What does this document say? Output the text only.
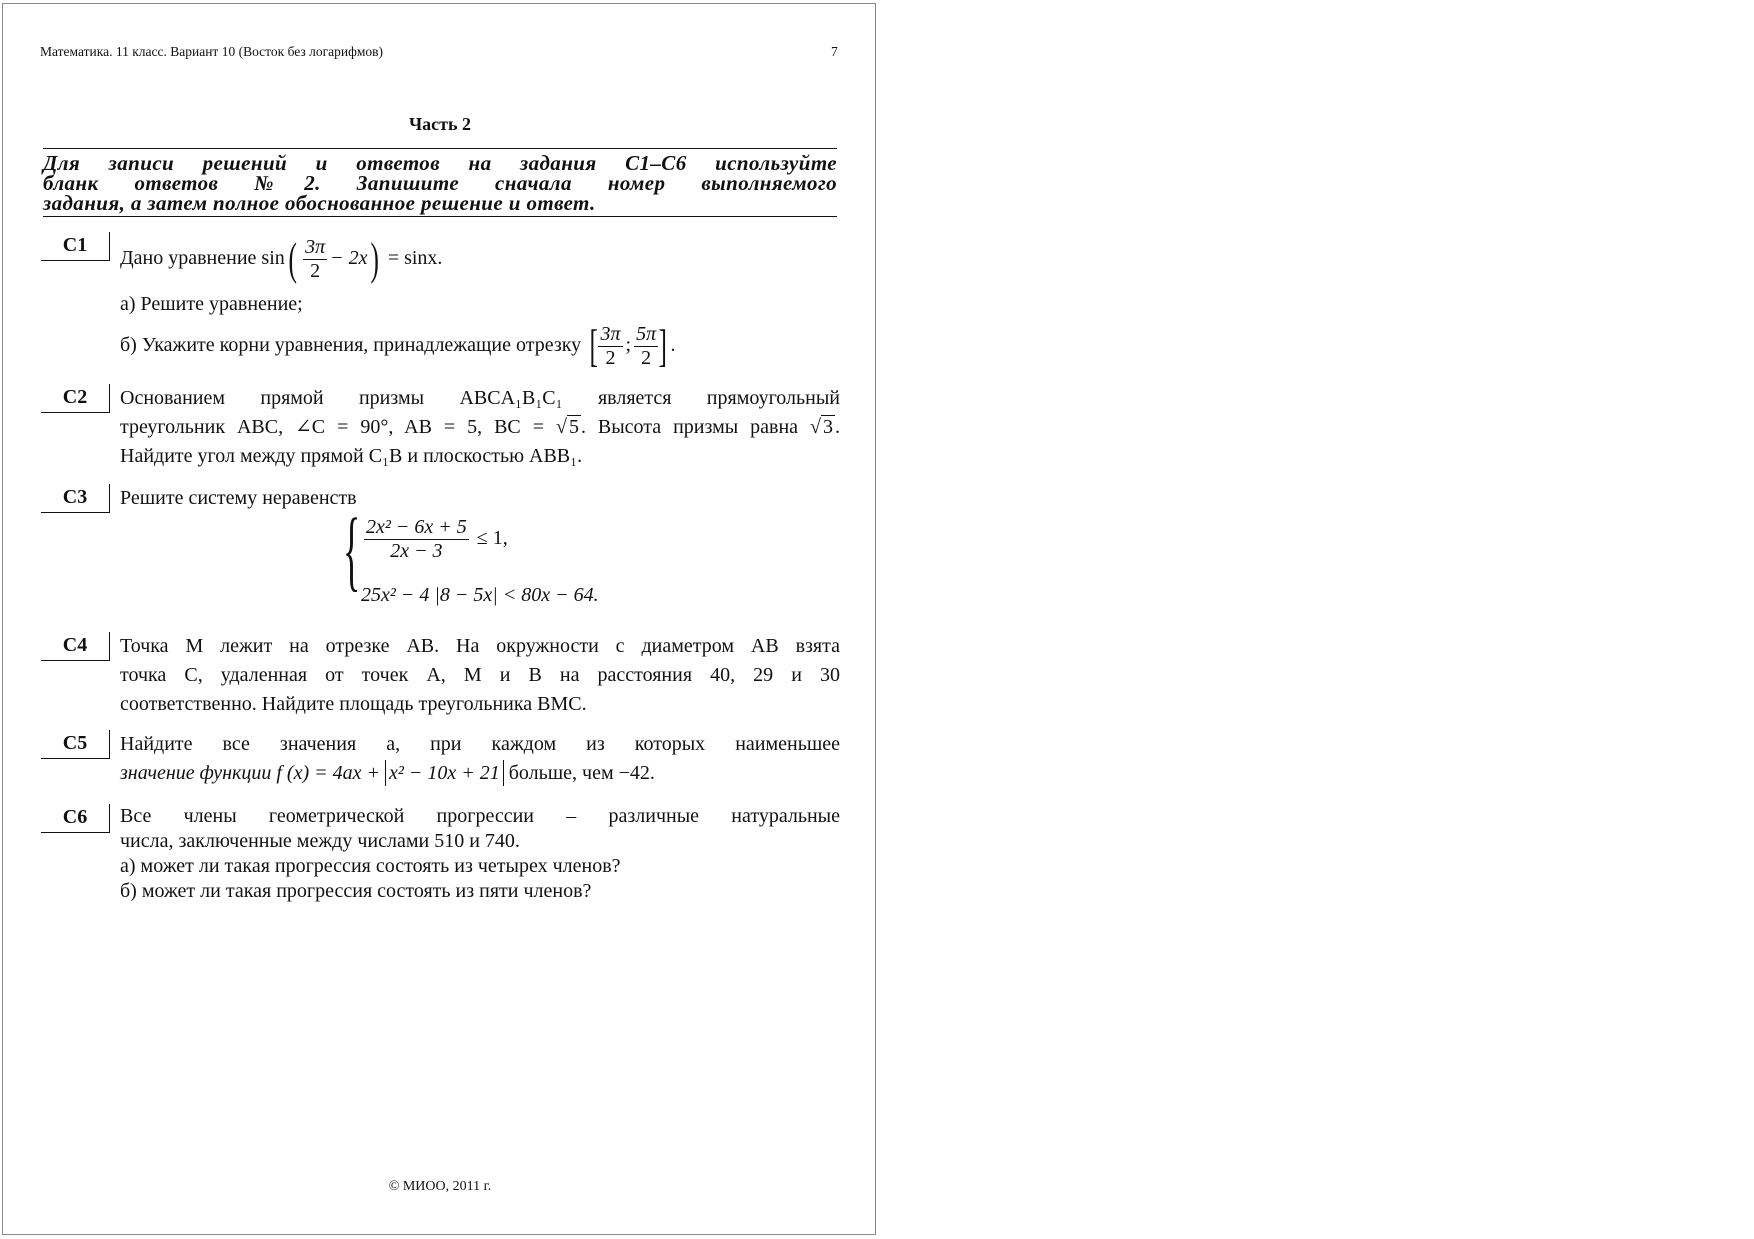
Математика. 11 класс. Вариант 10 (Восток без логарифмов)	7
Часть 2
Для записи решений и ответов на задания С1–С6 используйте
бланк ответов №2. Запишите сначала номер выполняемого
задания, а затем полное обоснованное решение и ответ.
С1
Дано уравнение $\sin( \frac{3\pi}{2} - 2x) = \sin x$.
а) Решите уравнение;
б) Укажите корни уравнения, принадлежащие отрезку [ $\frac{3\pi}{2}$ ; $\frac{5\pi}{2}$ ] .
С2	Основанием прямой призмы ABCA₁B₁C₁ является прямоугольный
треугольник ABC, ∠C = 90°, AB = 5, BC = √ 5 . Высота призмы равна √ 3 .
Найдите угол между прямой C₁B и плоскостью ABB₁.
С3	Решите систему неравенств
{ $\frac{\text{2x² − 6x + 5}}{2x - 3} \le 1$,
25x² − 4 |8 − 5x| < 80x − 64.
С4	Точка M лежит на отрезке AB. На окружности с диаметром AB взята
точка C, удаленная от точек A, M и B на расстояния 40, 29 и 30
соответственно. Найдите площадь треугольника BMC.
С5	Найдите все значения a, при каждом из которых наименьшее
значение функции f (x) = 4ax + x² − 10x + 21 больше, чем −42.
С6	Все члены геометрической прогрессии – различные натуральные
числа, заключенные между числами 510 и 740.
а) может ли такая прогрессия состоять из четырех членов?
б) может ли такая прогрессия состоять из пяти членов?
© МИОО, 2011 г.
